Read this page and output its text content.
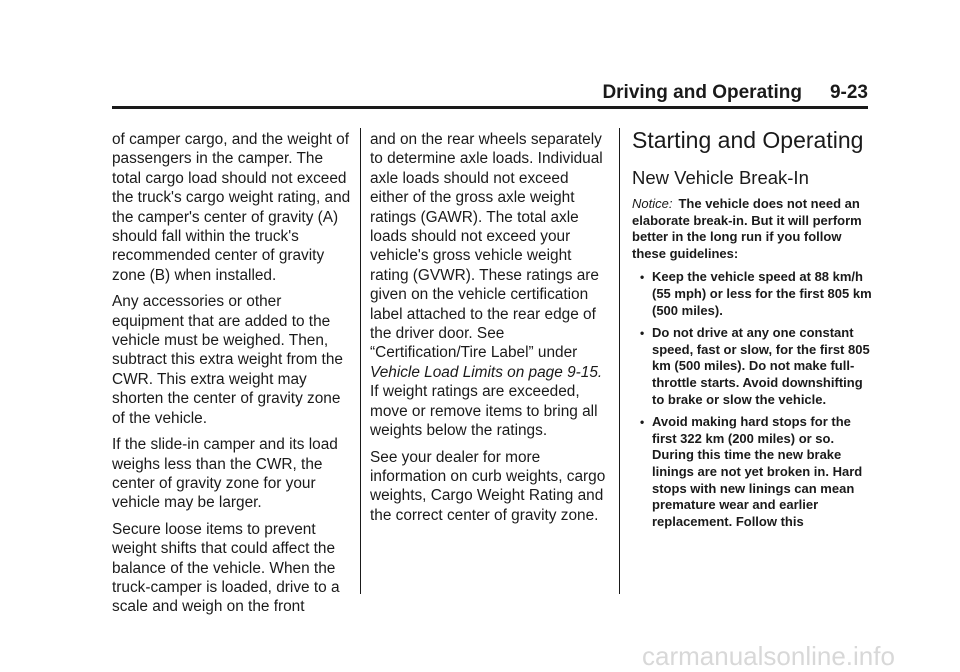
Driving and Operating 9-23

of camper cargo, and the weight of passengers in the camper. The total cargo load should not exceed the truck's cargo weight rating, and the camper's center of gravity (A) should fall within the truck's recommended center of gravity zone (B) when installed.

Any accessories or other equipment that are added to the vehicle must be weighed. Then, subtract this extra weight from the CWR. This extra weight may shorten the center of gravity zone of the vehicle.

If the slide-in camper and its load weighs less than the CWR, the center of gravity zone for your vehicle may be larger.

Secure loose items to prevent weight shifts that could affect the balance of the vehicle. When the truck-camper is loaded, drive to a scale and weigh on the front

and on the rear wheels separately to determine axle loads. Individual axle loads should not exceed either of the gross axle weight ratings (GAWR). The total axle loads should not exceed your vehicle's gross vehicle weight rating (GVWR). These ratings are given on the vehicle certification label attached to the rear edge of the driver door. See “Certification/Tire Label” under Vehicle Load Limits on page 9-15. If weight ratings are exceeded, move or remove items to bring all weights below the ratings.

See your dealer for more information on curb weights, cargo weights, Cargo Weight Rating and the correct center of gravity zone.

Starting and Operating
New Vehicle Break-In

Notice: The vehicle does not need an elaborate break-in. But it will perform better in the long run if you follow these guidelines:

• Keep the vehicle speed at 88 km/h (55 mph) or less for the first 805 km (500 miles).
• Do not drive at any one constant speed, fast or slow, for the first 805 km (500 miles). Do not make full-throttle starts. Avoid downshifting to brake or slow the vehicle.
• Avoid making hard stops for the first 322 km (200 miles) or so. During this time the new brake linings are not yet broken in. Hard stops with new linings can mean premature wear and earlier replacement. Follow this
carmanualsonline.info
